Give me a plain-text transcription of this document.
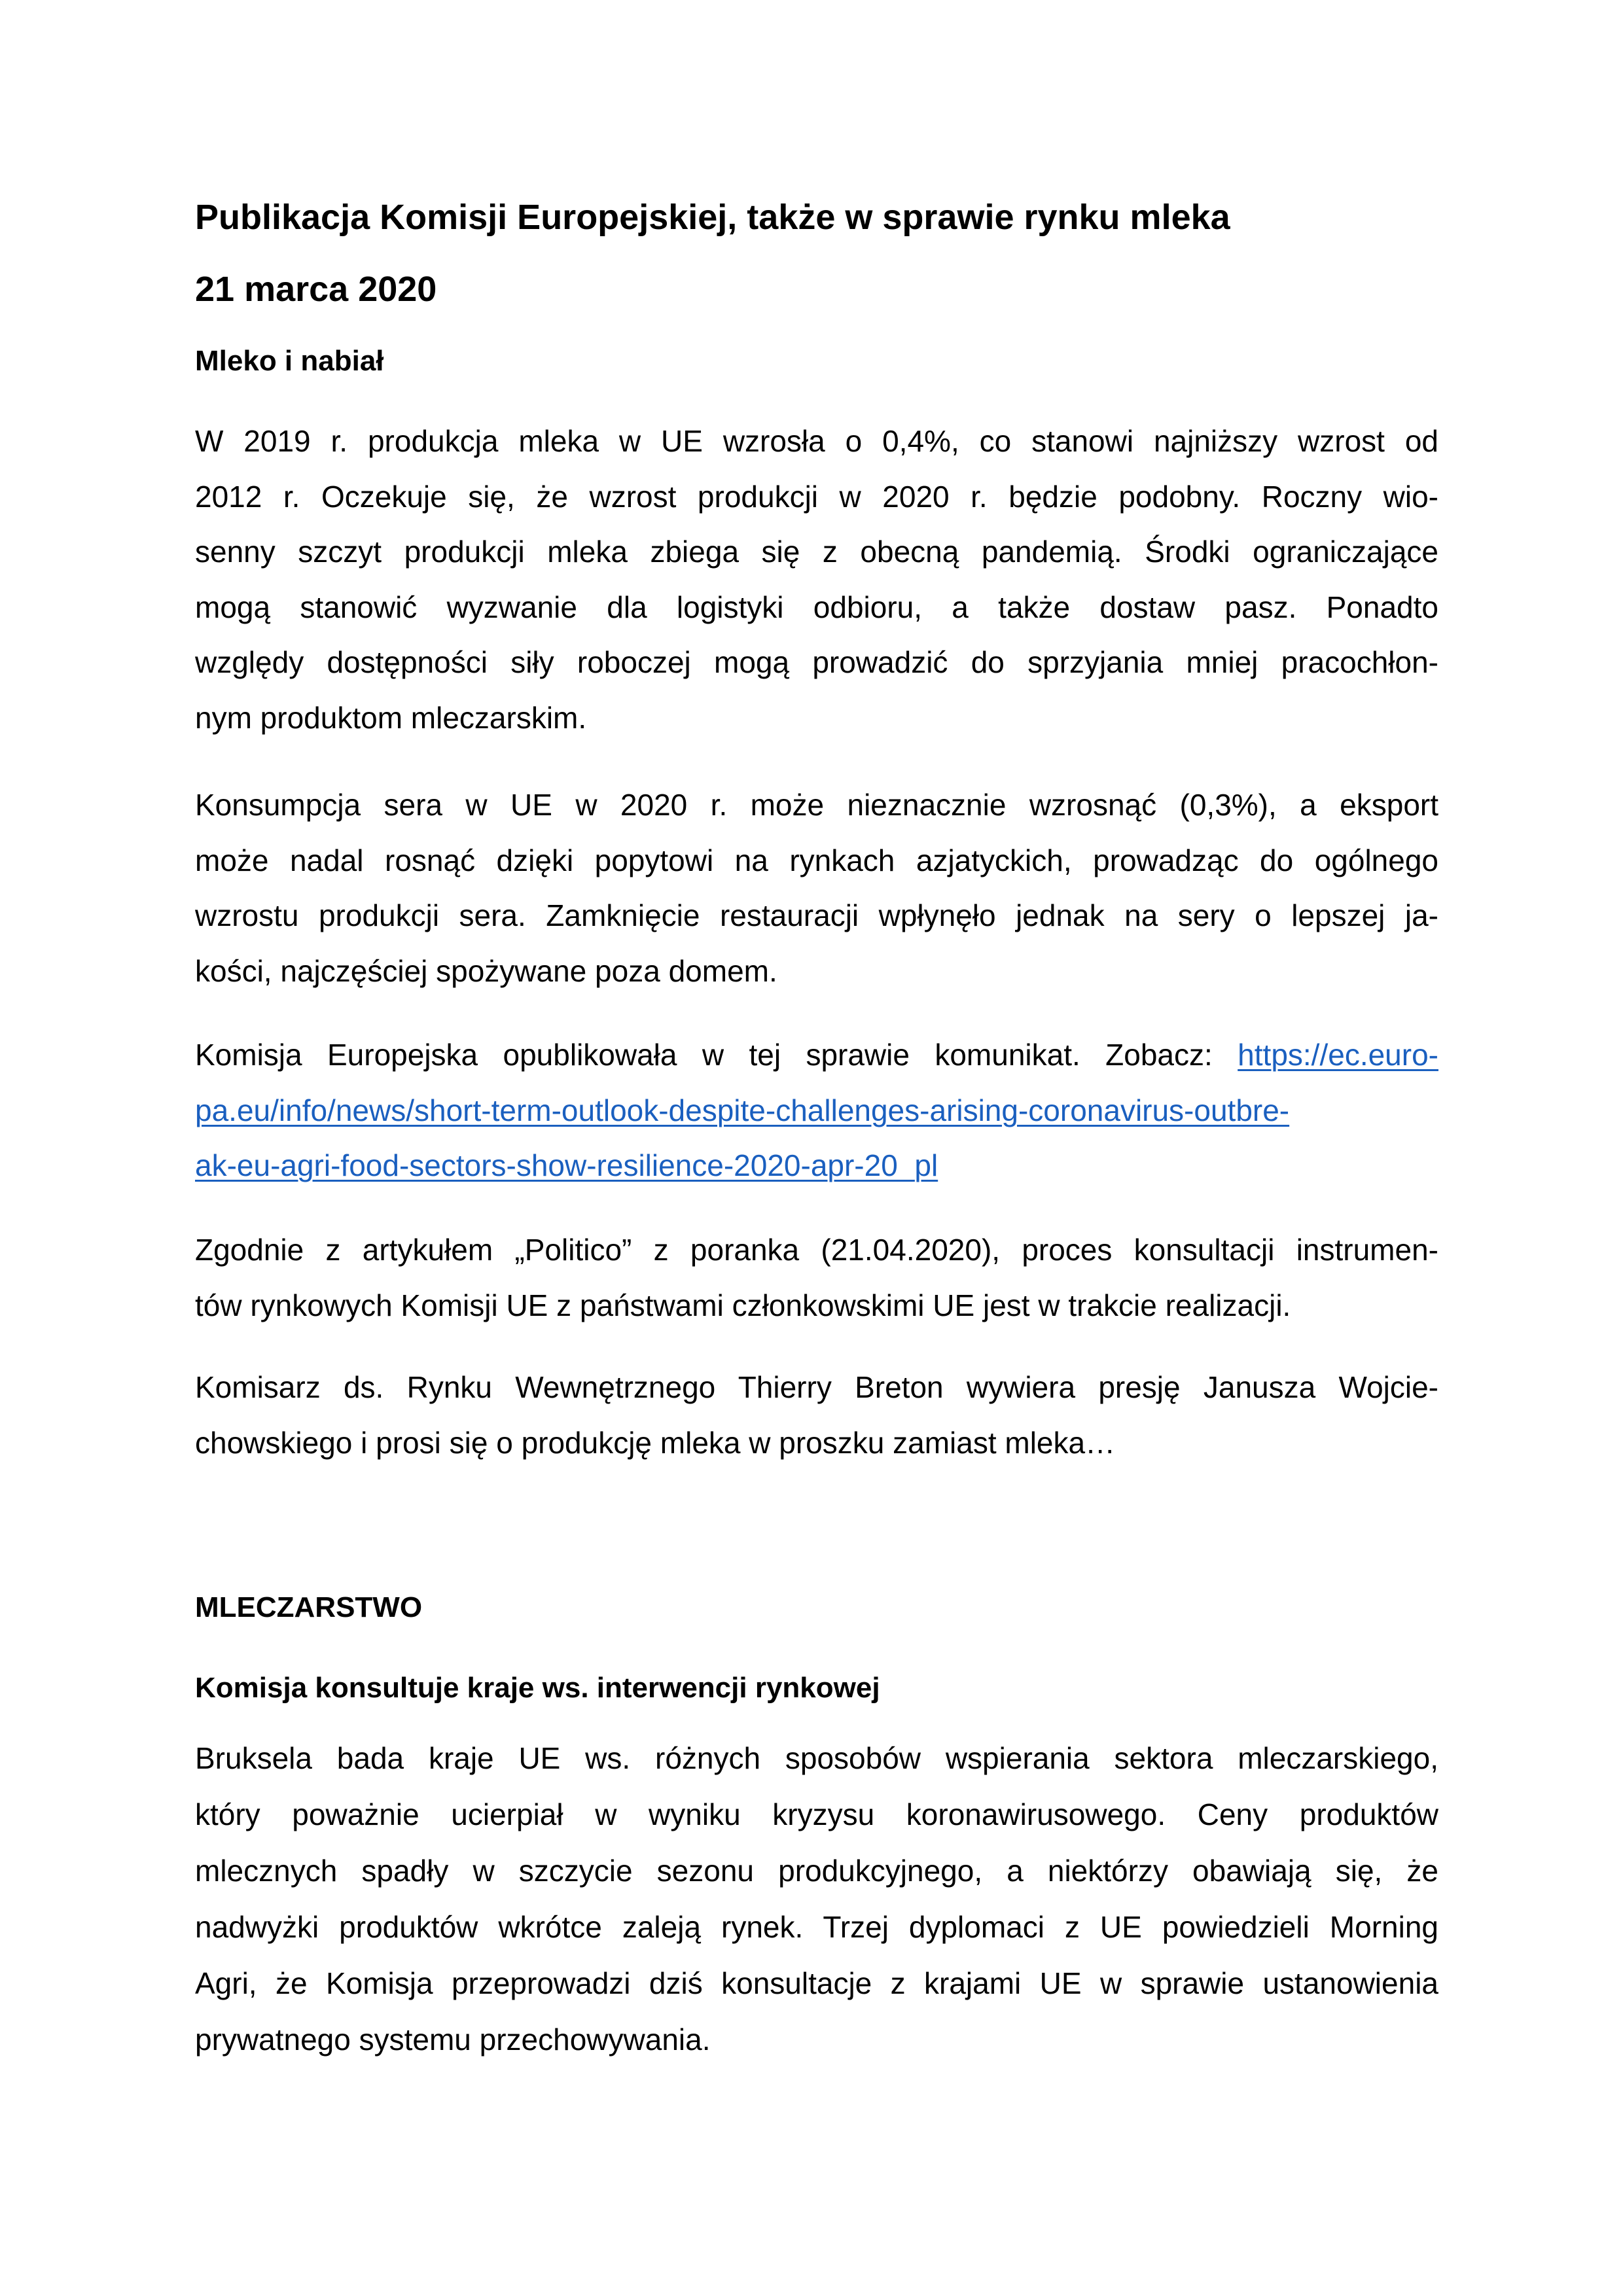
Publikacja Komisji Europejskiej, także w sprawie rynku mleka
21 marca 2020
Mleko i nabiał
W 2019 r. produkcja mleka w UE wzrosła o 0,4%, co stanowi najniższy wzrost od
2012 r. Oczekuje się, że wzrost produkcji w 2020 r. będzie podobny. Roczny wio-
senny szczyt produkcji mleka zbiega się z obecną pandemią. Środki ograniczające
mogą stanowić wyzwanie dla logistyki odbioru, a także dostaw pasz. Ponadto
względy dostępności siły roboczej mogą prowadzić do sprzyjania mniej pracochłon-
nym produktom mleczarskim.
Konsumpcja sera w UE w 2020 r. może nieznacznie wzrosnąć (0,3%), a eksport
może nadal rosnąć dzięki popytowi na rynkach azjatyckich, prowadząc do ogólnego
wzrostu produkcji sera. Zamknięcie restauracji wpłynęło jednak na sery o lepszej ja-
kości, najczęściej spożywane poza domem.
Komisja Europejska opublikowała w tej sprawie komunikat. Zobacz: https://ec.euro-
pa.eu/info/news/short-term-outlook-despite-challenges-arising-coronavirus-outbre-
ak-eu-agri-food-sectors-show-resilience-2020-apr-20_pl
Zgodnie z artykułem „Politico” z poranka (21.04.2020), proces konsultacji instrumen-
tów rynkowych Komisji UE z państwami członkowskimi UE jest w trakcie realizacji.
Komisarz ds. Rynku Wewnętrznego Thierry Breton wywiera presję Janusza Wojcie-
chowskiego i prosi się o produkcję mleka w proszku zamiast mleka…
MLECZARSTWO
Komisja konsultuje kraje ws. interwencji rynkowej
Bruksela bada kraje UE ws. różnych sposobów wspierania sektora mleczarskiego,
który poważnie ucierpiał w wyniku kryzysu koronawirusowego. Ceny produktów
mlecznych spadły w szczycie sezonu produkcyjnego, a niektórzy obawiają się, że
nadwyżki produktów wkrótce zaleją rynek. Trzej dyplomaci z UE powiedzieli Morning
Agri, że Komisja przeprowadzi dziś konsultacje z krajami UE w sprawie ustanowienia
prywatnego systemu przechowywania.
